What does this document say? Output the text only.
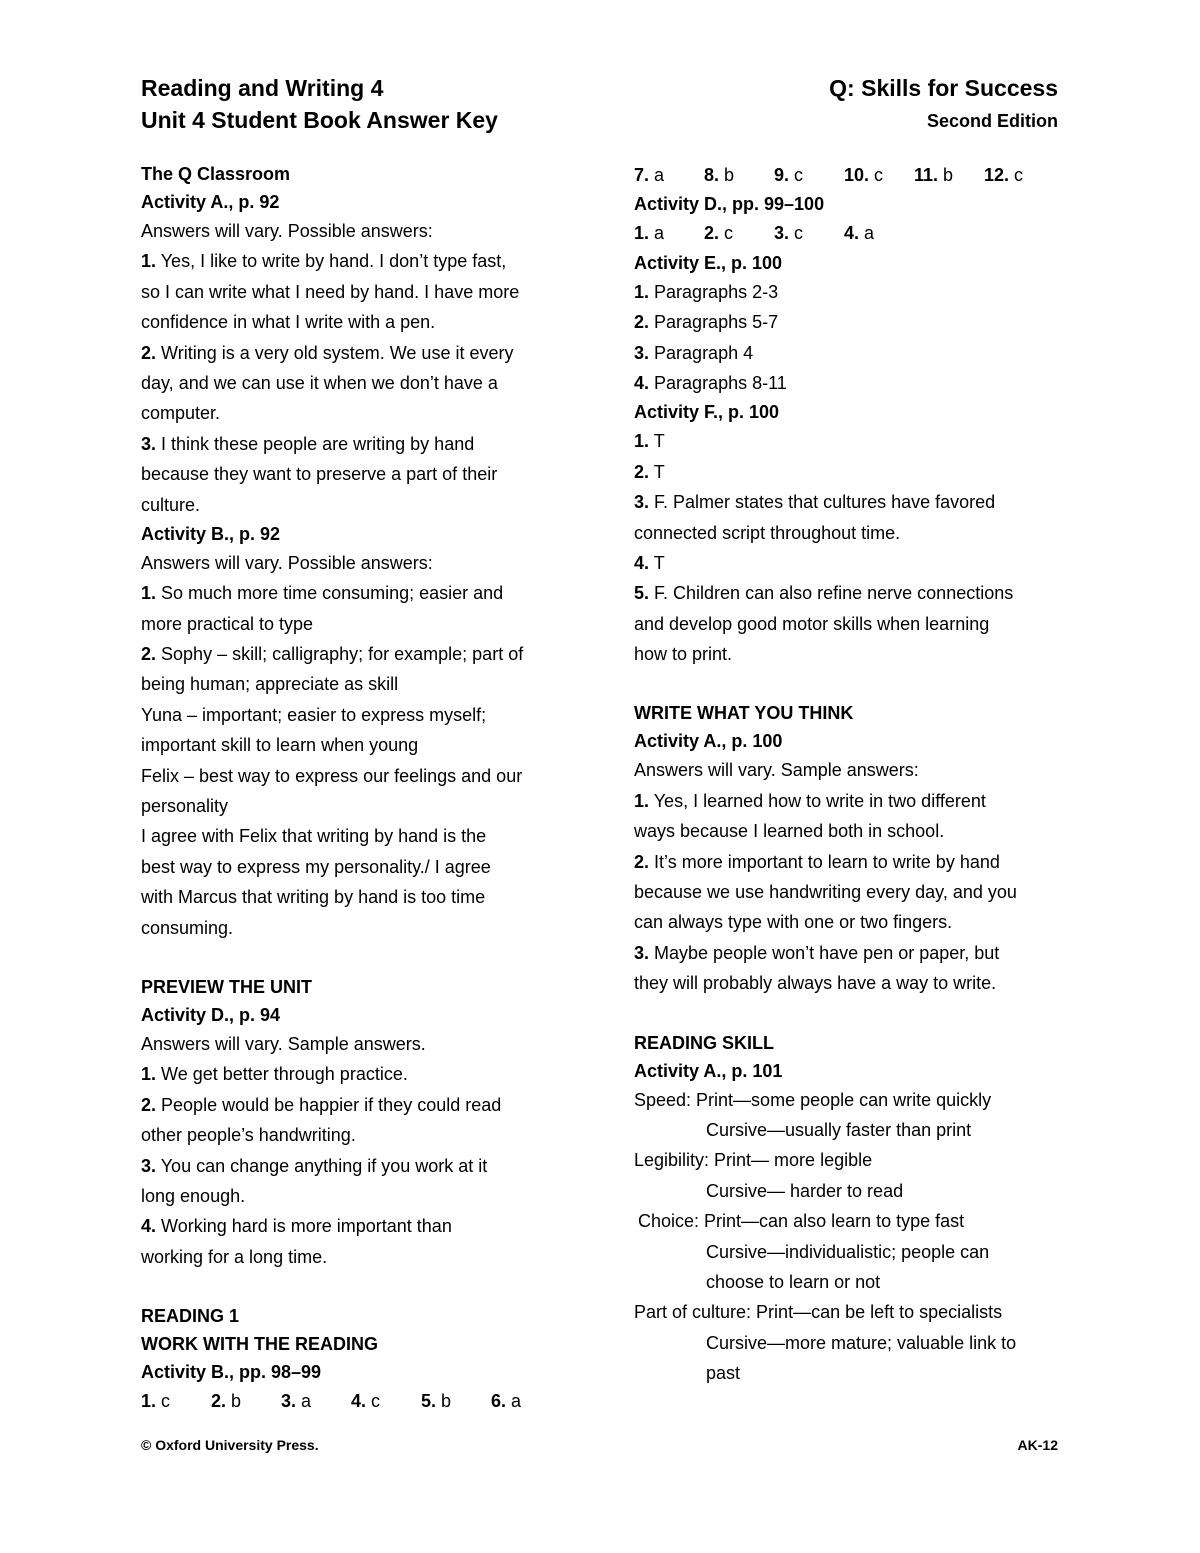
Reading and Writing 4
Unit 4 Student Book Answer Key
Q: Skills for Success
Second Edition
The Q Classroom
Activity A., p. 92
Answers will vary. Possible answers:
1. Yes, I like to write by hand. I don’t type fast,
so I can write what I need by hand. I have more
confidence in what I write with a pen.
2. Writing is a very old system. We use it every
day, and we can use it when we don’t have a
computer.
3. I think these people are writing by hand
because they want to preserve a part of their
culture.
Activity B., p. 92
Answers will vary. Possible answers:
1. So much more time consuming; easier and
more practical to type
2. Sophy – skill; calligraphy; for example; part of
being human; appreciate as skill
Yuna – important; easier to express myself;
important skill to learn when young
Felix – best way to express our feelings and our
personality
I agree with Felix that writing by hand is the
best way to express my personality./ I agree
with Marcus that writing by hand is too time
consuming.
PREVIEW THE UNIT
Activity D., p. 94
Answers will vary. Sample answers.
1. We get better through practice.
2. People would be happier if they could read
other people’s handwriting.
3. You can change anything if you work at it
long enough.
4. Working hard is more important than
working for a long time.
READING 1
WORK WITH THE READING
Activity B., pp. 98–99
1. c	2. b	3. a	4. c	5. b	6. a
7. a	8. b	9. c	10. c	11. b	12. c
Activity D., pp. 99–100
1. a	2. c	3. c	4. a
Activity E., p. 100
1. Paragraphs 2-3
2. Paragraphs 5-7
3. Paragraph 4
4. Paragraphs 8-11
Activity F., p. 100
1. T
2. T
3. F. Palmer states that cultures have favored
connected script throughout time.
4. T
5. F. Children can also refine nerve connections
and develop good motor skills when learning
how to print.
WRITE WHAT YOU THINK
Activity A., p. 100
Answers will vary. Sample answers:
1. Yes, I learned how to write in two different
ways because I learned both in school.
2. It’s more important to learn to write by hand
because we use handwriting every day, and you
can always type with one or two fingers.
3. Maybe people won’t have pen or paper, but
they will probably always have a way to write.
READING SKILL
Activity A., p. 101
Speed: Print—some people can write quickly
Cursive—usually faster than print
Legibility: Print— more legible
Cursive— harder to read
Choice: Print—can also learn to type fast
Cursive—individualistic; people can
choose to learn or not
Part of culture: Print—can be left to specialists
Cursive—more mature; valuable link to
past
© Oxford University Press.	AK-12
